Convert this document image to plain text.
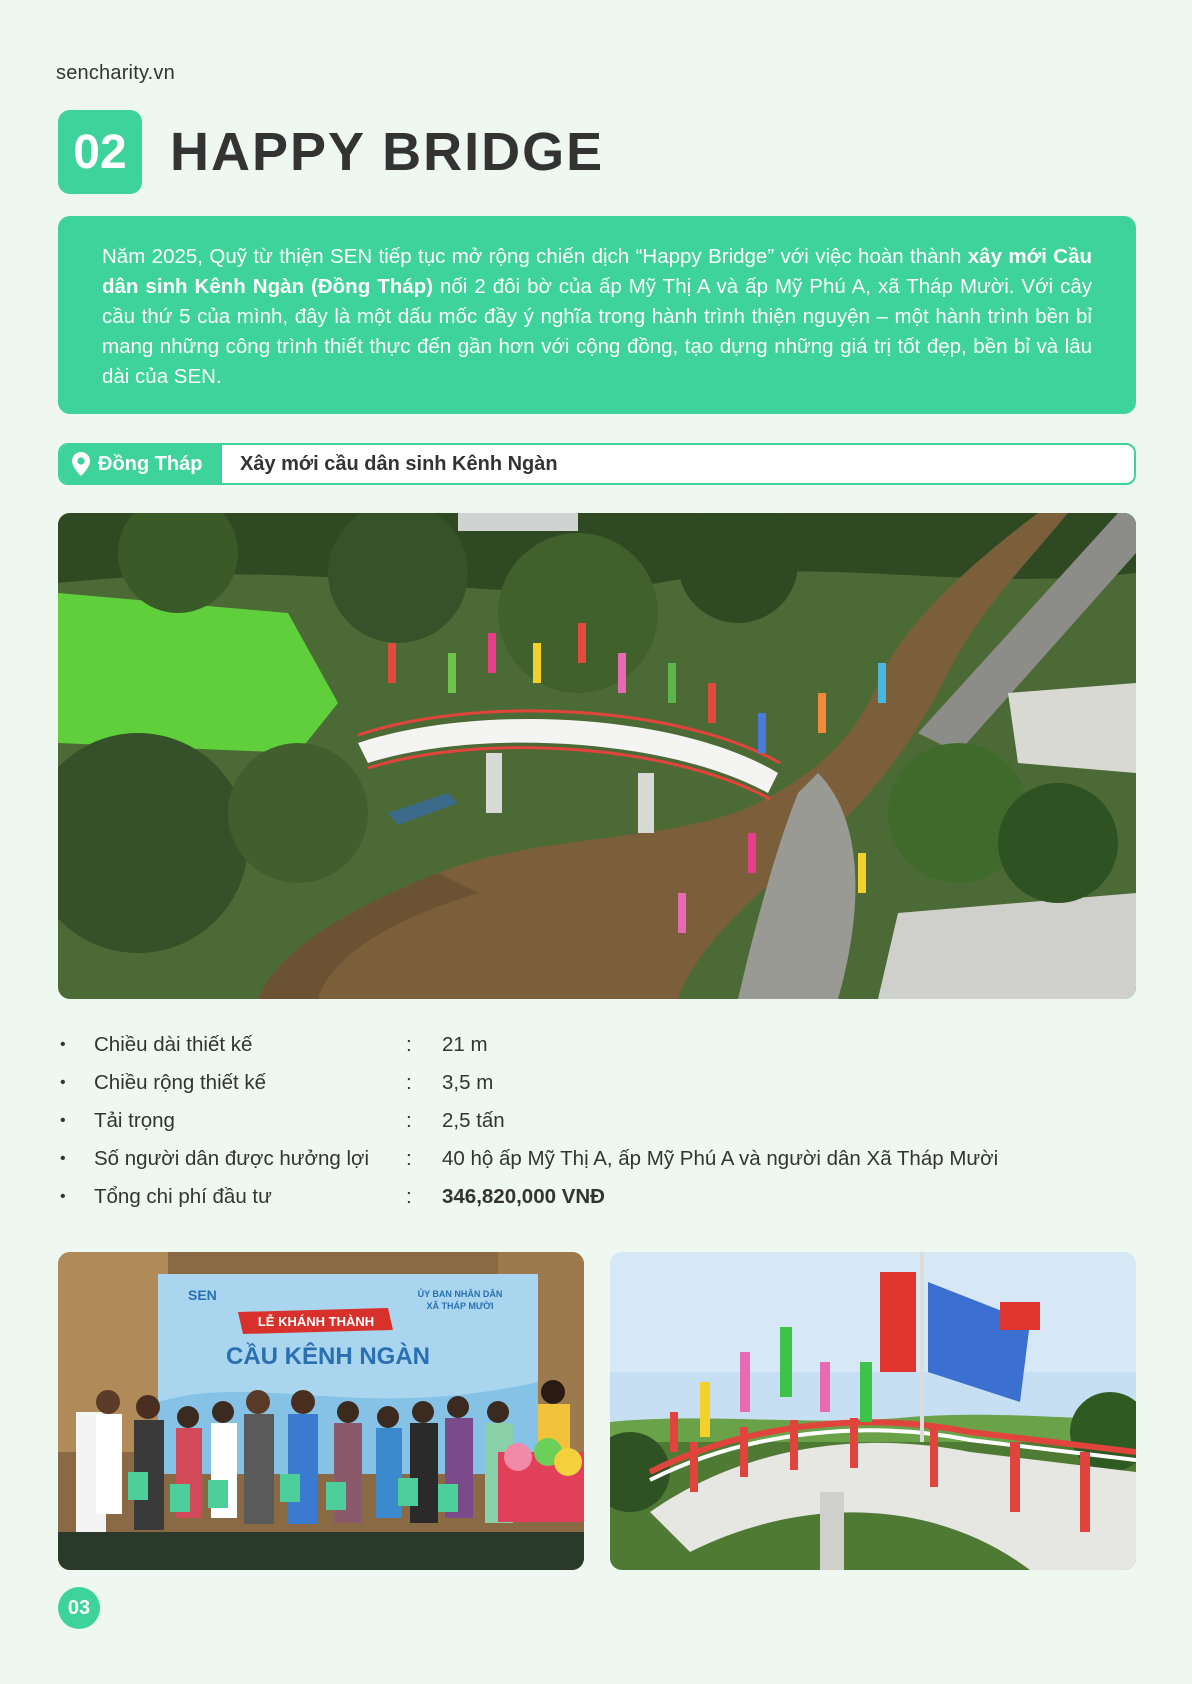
sencharity.vn
02 HAPPY BRIDGE
Năm 2025, Quỹ từ thiện SEN tiếp tục mở rộng chiến dịch “Happy Bridge” với việc hoàn thành xây mới Cầu dân sinh Kênh Ngàn (Đồng Tháp) nối 2 đôi bờ của ấp Mỹ Thị A và ấp Mỹ Phú A, xã Tháp Mười. Với cây cầu thứ 5 của mình, đây là một dấu mốc đầy ý nghĩa trong hành trình thiện nguyện – một hành trình bền bỉ mang những công trình thiết thực đến gần hơn với cộng đồng, tạo dựng những giá trị tốt đẹp, bền bỉ và lâu dài của SEN.
Đồng Tháp	Xây mới cầu dân sinh Kênh Ngàn
•	Chiều dài thiết kế	:	21 m
•	Chiều rộng thiết kế	:	3,5 m
•	Tải trọng	:	2,5 tấn
•	Số người dân được hưởng lợi	:	40 hộ ấp Mỹ Thị A, ấp Mỹ Phú A và người dân Xã Tháp Mười
•	Tổng chi phí đầu tư	:	346,820,000 VNĐ
SEN	ỦY BAN NHÂN DÂN
XÃ THÁP MƯỜI
LỄ KHÁNH THÀNH
CẦU KÊNH NGÀN
03
